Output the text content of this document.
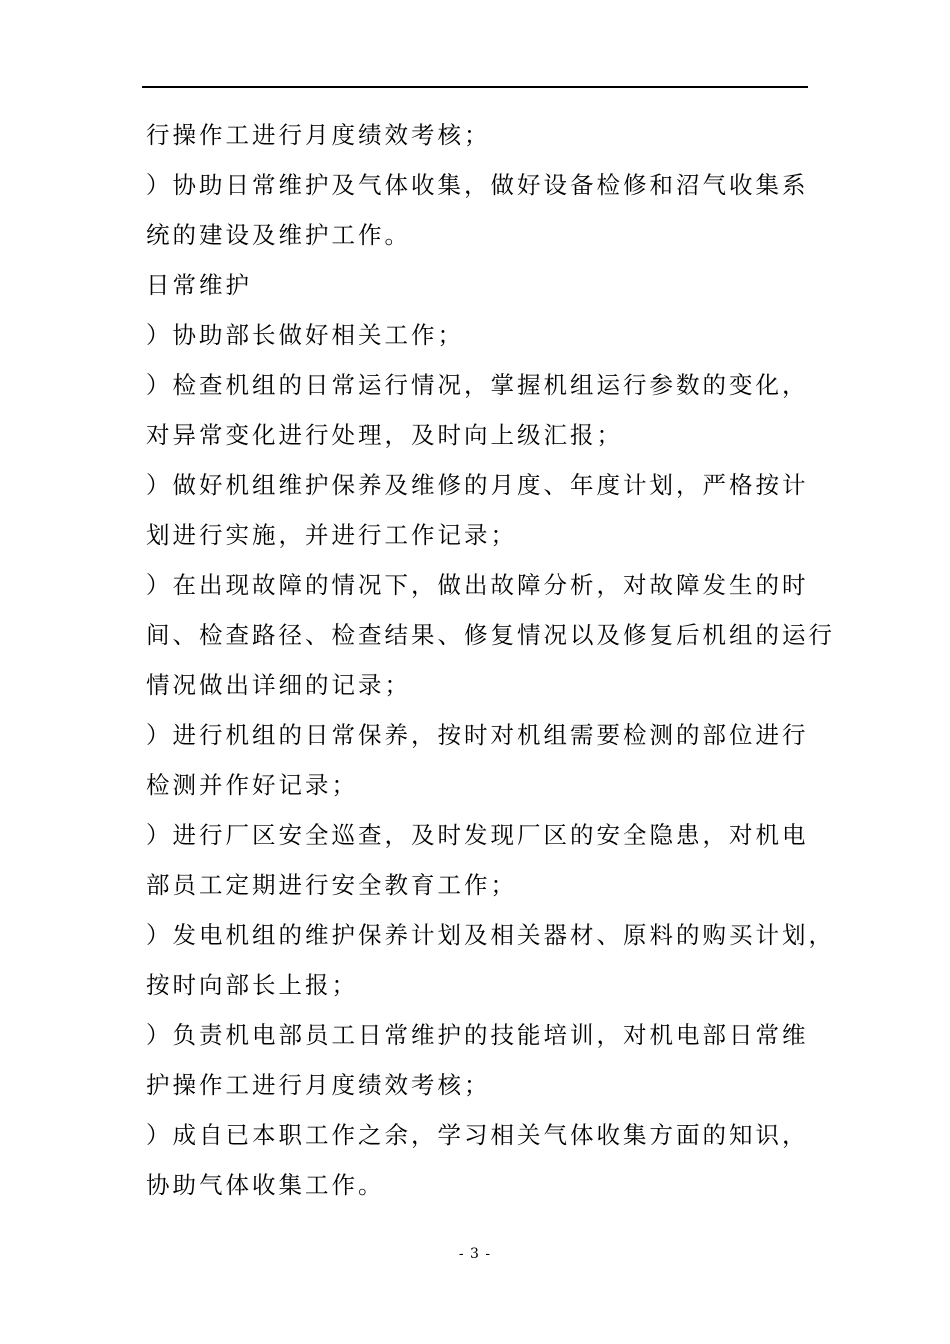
行操作工进行月度绩效考核；
）协助日常维护及气体收集，做好设备检修和沼气收集系
统的建设及维护工作。
日常维护
）协助部长做好相关工作；
）检查机组的日常运行情况，掌握机组运行参数的变化，
对异常变化进行处理，及时向上级汇报；
）做好机组维护保养及维修的月度、年度计划，严格按计
划进行实施，并进行工作记录；
）在出现故障的情况下，做出故障分析，对故障发生的时
间、检查路径、检查结果、修复情况以及修复后机组的运行
情况做出详细的记录；
）进行机组的日常保养，按时对机组需要检测的部位进行
检测并作好记录；
）进行厂区安全巡查，及时发现厂区的安全隐患，对机电
部员工定期进行安全教育工作；
）发电机组的维护保养计划及相关器材、原料的购买计划，
按时向部长上报；
）负责机电部员工日常维护的技能培训，对机电部日常维
护操作工进行月度绩效考核；
）成自已本职工作之余，学习相关气体收集方面的知识，
协助气体收集工作。
- 3 -
